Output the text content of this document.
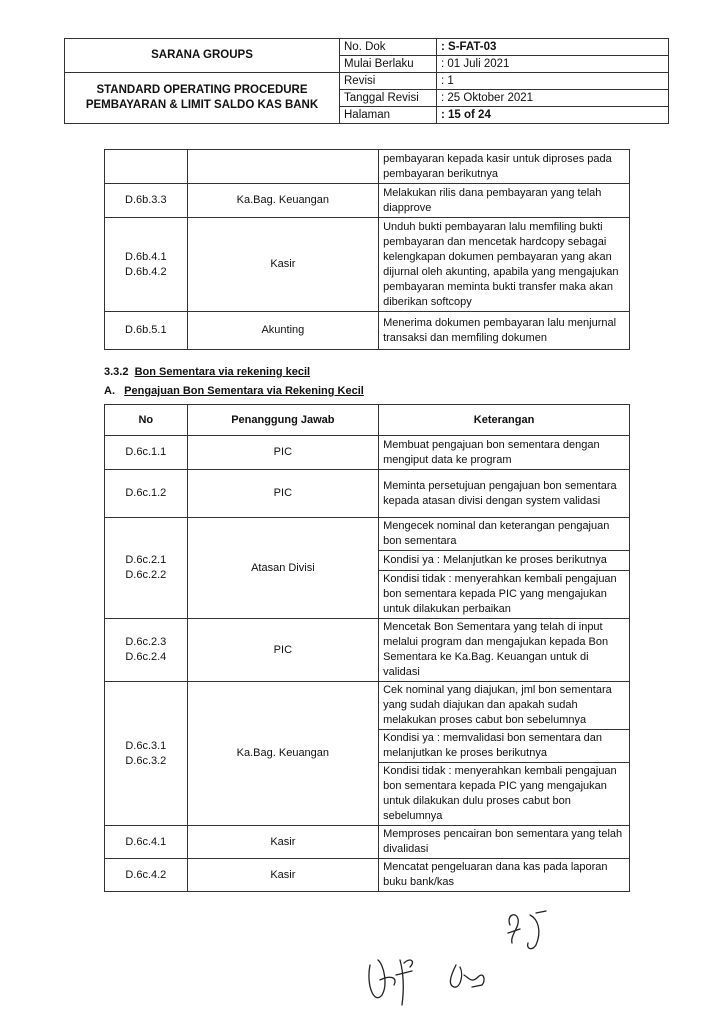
SARANA GROUPS	No. Dok	: S-FAT-03
	Mulai Berlaku	: 01 Juli 2021

STANDARD OPERATING PROCEDURE
PEMBAYARAN & LIMIT SALDO KAS BANK	Revisi	: 1
	Tanggal Revisi	: 25 Oktober 2021
	Halaman	: 15 of 24
		pembayaran kepada kasir untuk diproses pada pembayaran berikutnya
D.6b.3.3	Ka.Bag. Keuangan	Melakukan rilis dana pembayaran yang telah diapprove

D.6b.4.1
D.6b.4.2	Kasir	Unduh bukti pembayaran lalu memfiling bukti pembayaran dan mencetak hardcopy sebagai kelengkapan dokumen pembayaran yang akan dijurnal oleh akunting, apabila yang mengajukan pembayaran meminta bukti transfer maka akan diberikan softcopy
D.6b.5.1	Akunting	Menerima dokumen pembayaran lalu menjurnal transaksi dan memfiling dokumen
3.3.2 Bon Sementara via rekening kecil
A. Pengajuan Bon Sementara via Rekening Kecil
No	Penanggung Jawab	Keterangan
D.6c.1.1	PIC	Membuat pengajuan bon sementara dengan mengiput data ke program
D.6c.1.2	PIC	Meminta persetujuan pengajuan bon sementara kepada atasan divisi dengan system validasi

D.6c.2.1
D.6c.2.2	Atasan Divisi	Mengecek nominal dan keterangan pengajuan bon sementara
		Kondisi ya : Melanjutkan ke proses berikutnya
		Kondisi tidak : menyerahkan kembali pengajuan bon sementara kepada PIC yang mengajukan untuk dilakukan perbaikan

D.6c.2.3
D.6c.2.4	PIC	Mencetak Bon Sementara yang telah di input melalui program dan mengajukan kepada Bon Sementara ke Ka.Bag. Keuangan untuk di validasi

D.6c.3.1
D.6c.3.2	Ka.Bag. Keuangan	Cek nominal yang diajukan, jml bon sementara yang sudah diajukan dan apakah sudah melakukan proses cabut bon sebelumnya
		Kondisi ya : memvalidasi bon sementara dan melanjutkan ke proses berikutnya
		Kondisi tidak : menyerahkan kembali pengajuan bon sementara kepada PIC yang mengajukan untuk dilakukan dulu proses cabut bon sebelumnya
D.6c.4.1	Kasir	Memproses pencairan bon sementara yang telah divalidasi
D.6c.4.2	Kasir	Mencatat pengeluaran dana kas pada laporan buku bank/kas
